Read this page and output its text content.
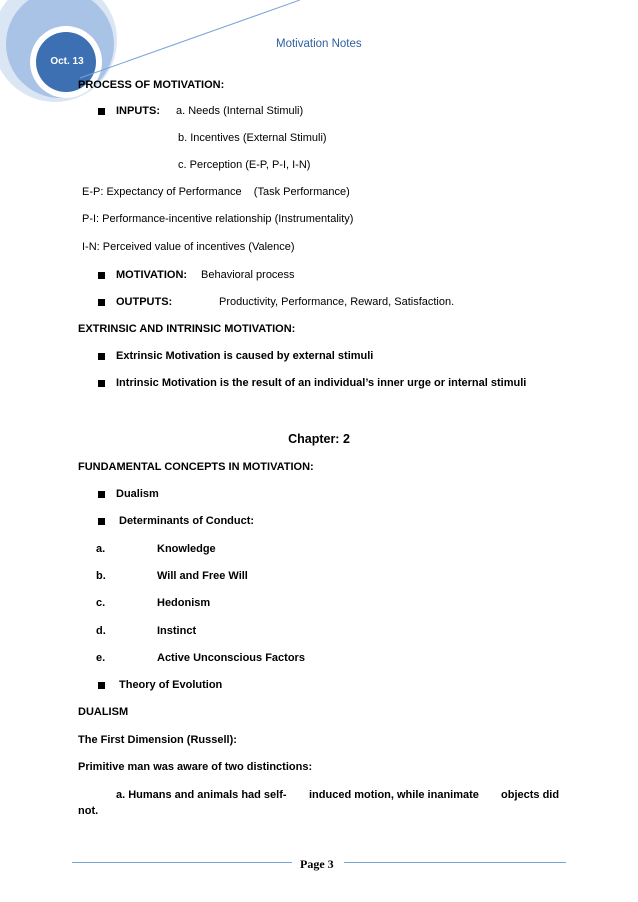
Oct. 13
Motivation Notes
PROCESS OF MOTIVATION:
INPUTS: a. Needs (Internal Stimuli)
b. Incentives (External Stimuli)
c. Perception (E-P, P-I, I-N)
E-P: Expectancy of Performance    (Task Performance)
P-I: Performance-incentive relationship (Instrumentality)
I-N: Perceived value of incentives (Valence)
MOTIVATION: Behavioral process
OUTPUTS:	Productivity, Performance, Reward, Satisfaction.
EXTRINSIC AND INTRINSIC MOTIVATION:
Extrinsic Motivation is caused by external stimuli
Intrinsic Motivation is the result of an individual’s inner urge or internal stimuli
Chapter: 2
FUNDAMENTAL CONCEPTS IN MOTIVATION:
Dualism
Determinants of Conduct:
a.	Knowledge
b.	Will and Free Will
c.	Hedonism
d.	Instinct
e.	Active Unconscious Factors
Theory of Evolution
DUALISM
The First Dimension (Russell):
Primitive man was aware of two distinctions:
a. Humans and animals had self- induced motion, while inanimate objects did
not.
Page 3
